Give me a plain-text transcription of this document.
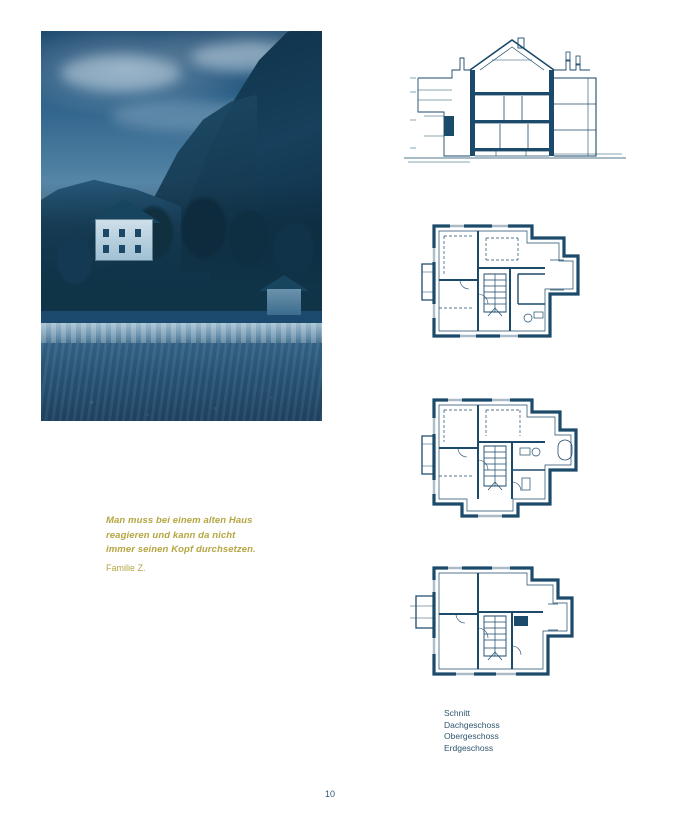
Man muss bei einem alten Haus
reagieren und kann da nicht
immer seinen Kopf durchsetzen.

Familie Z.

Schnitt
Dachgeschoss
Obergeschoss
Erdgeschoss
10
